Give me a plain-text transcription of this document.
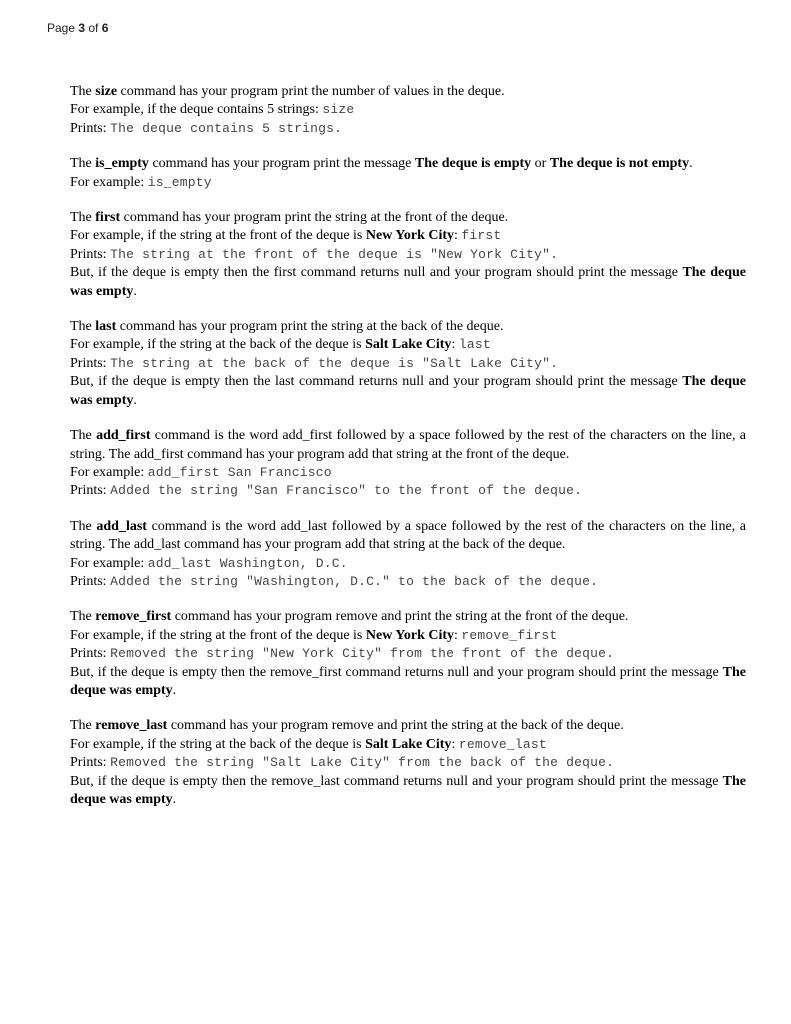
Page 3 of 6

The size command has your program print the number of values in the deque.

For example, if the deque contains 5 strings: size

Prints: The deque contains 5 strings.

The is_empty command has your program print the message The deque is empty or The deque is not empty.

For example: is_empty

The first command has your program print the string at the front of the deque.

For example, if the string at the front of the deque is New York City: first

Prints: The string at the front of the deque is "New York City".

But, if the deque is empty then the first command returns null and your program should print the message The deque was empty.

The last command has your program print the string at the back of the deque.

For example, if the string at the back of the deque is Salt Lake City: last

Prints: The string at the back of the deque is "Salt Lake City".

But, if the deque is empty then the last command returns null and your program should print the message The deque was empty.

The add_first command is the word add_first followed by a space followed by the rest of the characters on the line, a string. The add_first command has your program add that string at the front of the deque.

For example: add_first San Francisco

Prints: Added the string "San Francisco" to the front of the deque.

The add_last command is the word add_last followed by a space followed by the rest of the characters on the line, a string. The add_last command has your program add that string at the back of the deque.

For example: add_last Washington, D.C.

Prints: Added the string "Washington, D.C." to the back of the deque.

The remove_first command has your program remove and print the string at the front of the deque.

For example, if the string at the front of the deque is New York City: remove_first

Prints: Removed the string "New York City" from the front of the deque.

But, if the deque is empty then the remove_first command returns null and your program should print the message The deque was empty.

The remove_last command has your program remove and print the string at the back of the deque.

For example, if the string at the back of the deque is Salt Lake City: remove_last

Prints: Removed the string "Salt Lake City" from the back of the deque.

But, if the deque is empty then the remove_last command returns null and your program should print the message The deque was empty.
